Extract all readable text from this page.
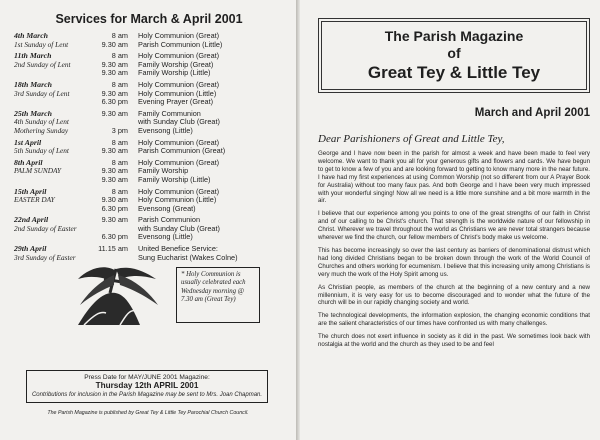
Services for March & April 2001
4th March
1st Sunday of Lent
8 am	Holy Communion (Great)
9.30 am	Parish Communion (Little)
11th March
2nd Sunday of Lent
8 am	Holy Communion (Great)
9.30 am	Family Worship (Great)
9.30 am	Family Worship (Little)
18th March
3rd Sunday of Lent
8 am	Holy Communion (Great)
9.30 am	Holy Communion (Little)
6.30 pm	Evening Prayer (Great)
25th March
4th Sunday of Lent
Mothering Sunday
9.30 am	Family Communion
with Sunday Club (Great)
3 pm	Evensong (Little)
1st April
5th Sunday of Lent
8 am	Holy Communion (Great)
9.30 am	Parish Communion (Great)
8th April
PALM SUNDAY
8 am	Holy Communion (Great)
9.30 am	Family Worship
9.30 am	Family Worship (Little)
15th April
EASTER DAY
8 am	Holy Communion (Great)
9.30 am	Holy Communion (Little)
6.30 pm	Evensong (Great)
22nd April
2nd Sunday of Easter
9.30 am	Parish Communion
with Sunday Club (Great)
6.30 pm	Evensong (Little)
29th April
3rd Sunday of Easter
11.15 am	United Benefice Service:
Sung Eucharist (Wakes Colne)
* Holy Communion is usually celebrated each Wednesday morning @ 7.30 am (Great Tey)
Press Date for MAY/JUNE 2001 Magazine:
Thursday 12th APRIL 2001
Contributions for inclusion in the Parish Magazine may be sent to Mrs. Joan Chapman.
The Parish Magazine is published by Great Tey & Little Tey Parochial Church Council.
The Parish Magazine
of
Great Tey & Little Tey
March and April 2001
Dear Parishioners of Great and Little Tey,

George and I have now been in the parish for almost a week and have been made to feel very welcome. We want to thank you all for your generous gifts and flowers and cards. We have begun to get to know a few of you and are looking forward to getting to know many more in the near future. I have had my first experiences at using Common Worship (not so different from our A Prayer Book for Australia) without too many faux pas. And both George and I have been very much impressed with your wonderful singing! Now all we need is a little more sunshine and a bit more warmth in the air.

I believe that our experience among you points to one of the great strengths of our faith in Christ and of our calling to be Christ's church. That strength is the worldwide nature of our fellowship in Christ. Wherever we travel throughout the world as Christians we are never total strangers because wherever we find the church, our fellow members of Christ's body make us welcome.

This has become increasingly so over the last century as barriers of denominational distrust which had long divided Christians began to be broken down through the work of the World Council of Churches and others working for ecumenism. I believe that this increasing unity among Christians is very much the work of the Holy Spirit among us.

As Christian people, as members of the church at the beginning of a new century and a new millennium, it is very easy for us to become discouraged and to wonder what the future of the church will be in our rapidly changing society and world.

The technological developments, the information explosion, the changing economic conditions that are the salient characteristics of our times have confronted us with many challenges.

The church does not exert influence in society as it did in the past. We sometimes look back with nostalgia at the world and the church as they used to be and feel
